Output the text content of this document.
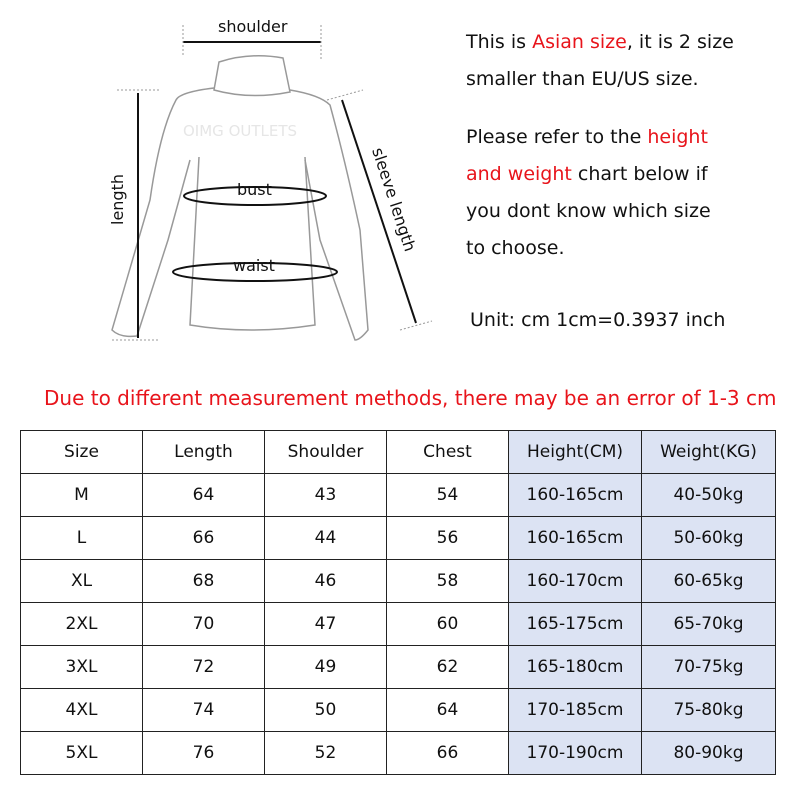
shoulder
OIMG OUTLETS
length	bust
waist
sleeve length
This is Asian size, it is 2 size
smaller than EU/US size.
Please refer to the height
and weight chart below if
you dont know which size
to choose.
Unit: cm 1cm=0.3937 inch
Due to different measurement methods, there may be an error of 1-3 cm
Size	Length	Shoulder	Chest	Height(CM)	Weight(KG)
M	64	43	54	160-165cm	40-50kg
L	66	44	56	160-165cm	50-60kg
XL	68	46	58	160-170cm	60-65kg
2XL	70	47	60	165-175cm	65-70kg
3XL	72	49	62	165-180cm	70-75kg
4XL	74	50	64	170-185cm	75-80kg
5XL	76	52	66	170-190cm	80-90kg
